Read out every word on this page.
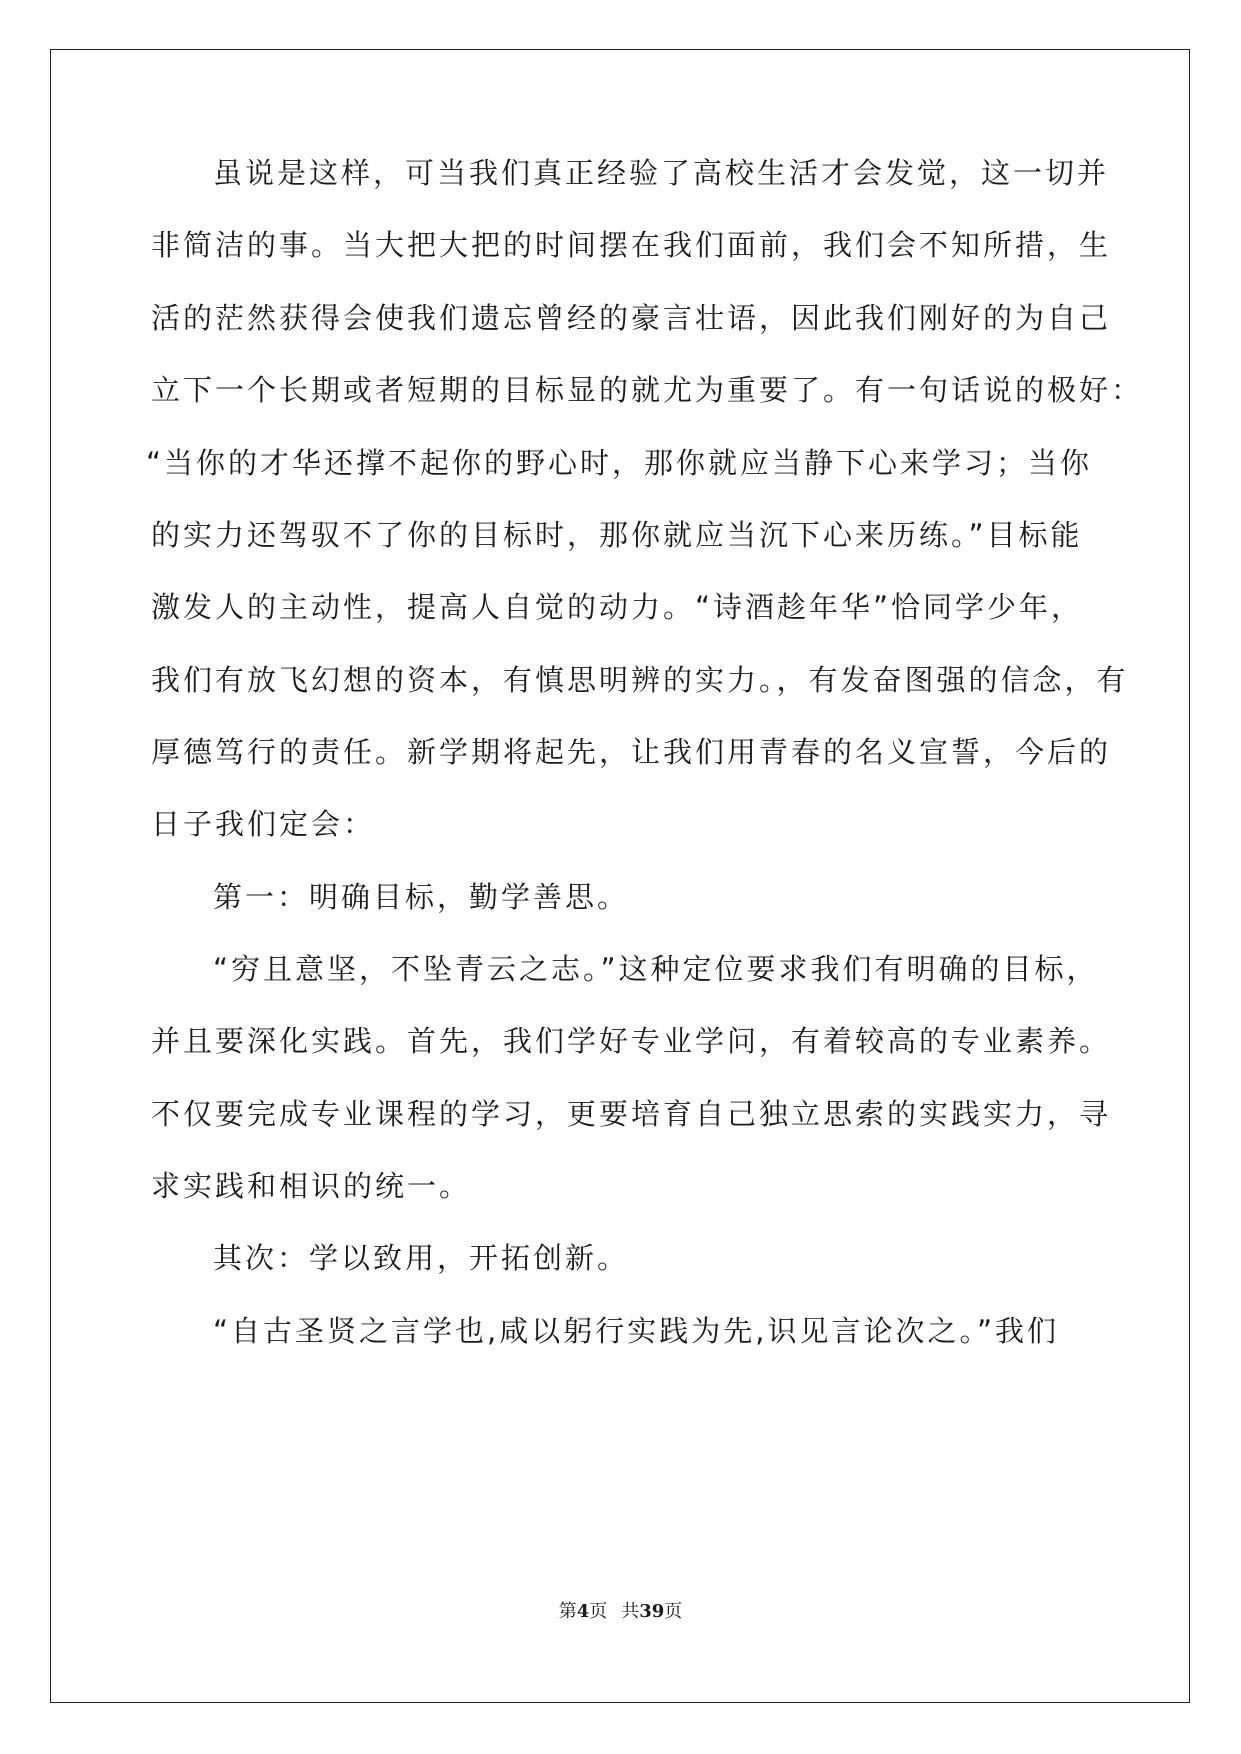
虽说是这样，可当我们真正经验了高校生活才会发觉，这一切并
非简洁的事。当大把大把的时间摆在我们面前，我们会不知所措，生
活的茫然获得会使我们遗忘曾经的豪言壮语，因此我们刚好的为自己
立下一个长期或者短期的目标显的就尤为重要了。有一句话说的极好：
“当你的才华还撑不起你的野心时，那你就应当静下心来学习；当你
的实力还驾驭不了你的目标时，那你就应当沉下心来历练。”目标能
激发人的主动性，提高人自觉的动力。“诗酒趁年华”恰同学少年，
我们有放飞幻想的资本，有慎思明辨的实力。，有发奋图强的信念，有
厚德笃行的责任。新学期将起先，让我们用青春的名义宣誓，今后的
日子我们定会：
第一：明确目标，勤学善思。
“穷且意坚，不坠青云之志。”这种定位要求我们有明确的目标，
并且要深化实践。首先，我们学好专业学问，有着较高的专业素养。
不仅要完成专业课程的学习，更要培育自己独立思索的实践实力，寻
求实践和相识的统一。
其次：学以致用，开拓创新。
“自古圣贤之言学也,咸以躬行实践为先,识见言论次之。”我们
第4页 共39页
